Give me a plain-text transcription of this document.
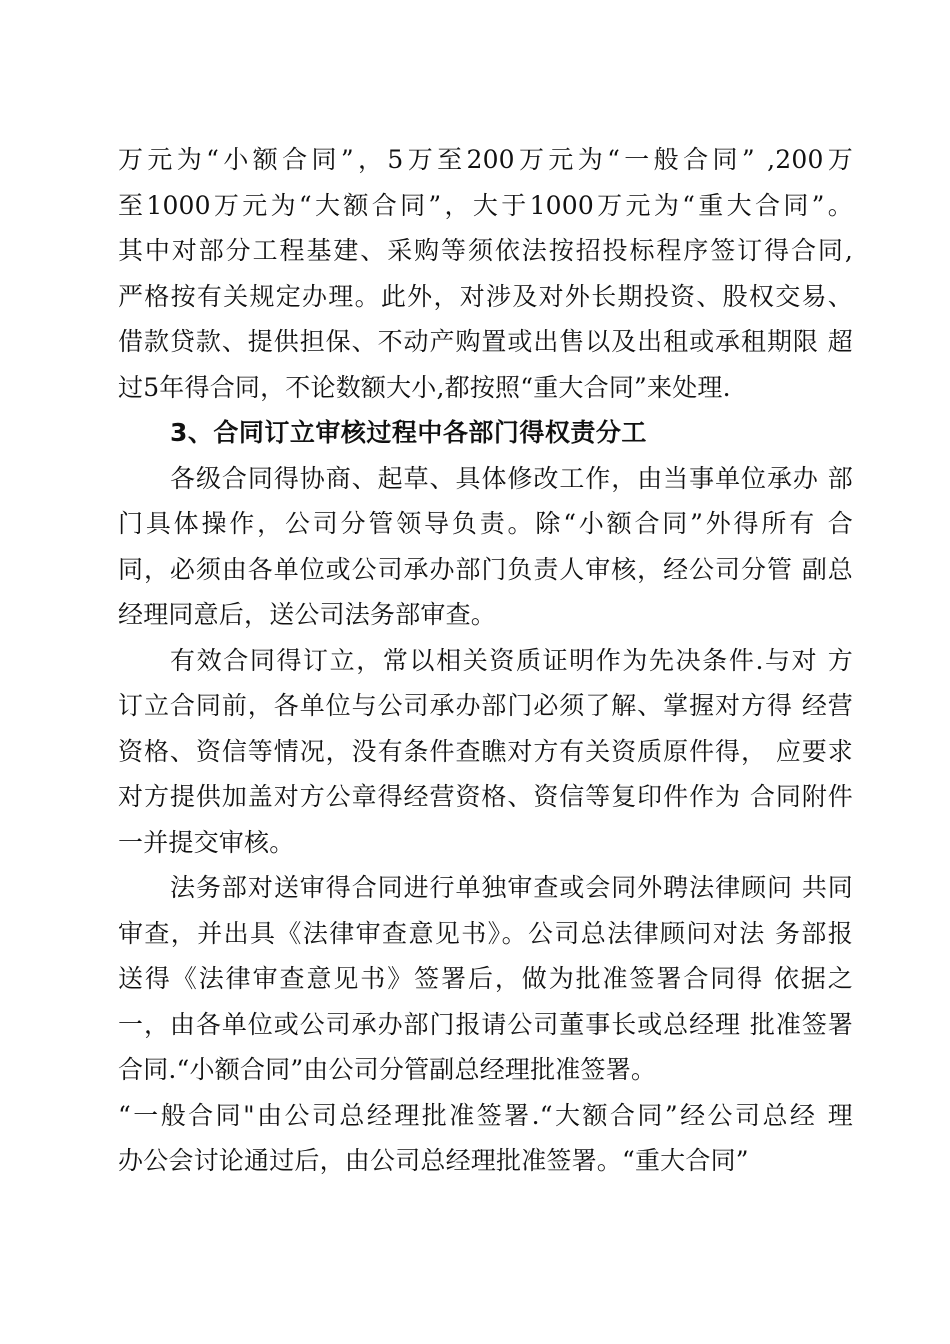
万元为“小额合同”，5万至200万元为“一般合同” ,200万
至1000万元为“大额合同”，大于1000万元为“重大合同”。
其中对部分工程基建、采购等须依法按招投标程序签订得合同,
严格按有关规定办理。此外，对涉及对外长期投资、股权交易、
借款贷款、提供担保、不动产购置或出售以及出租或承租期限 超
过5年得合同，不论数额大小,都按照“重大合同”来处理.
3、合同订立审核过程中各部门得权责分工
各级合同得协商、起草、具体修改工作，由当事单位承办 部
门具体操作，公司分管领导负责。除“小额合同”外得所有 合
同，必须由各单位或公司承办部门负责人审核，经公司分管 副总
经理同意后，送公司法务部审查。
有效合同得订立，常以相关资质证明作为先决条件.与对 方
订立合同前，各单位与公司承办部门必须了解、掌握对方得 经营
资格、资信等情况，没有条件查瞧对方有关资质原件得， 应要求
对方提供加盖对方公章得经营资格、资信等复印件作为 合同附件
一并提交审核。
法务部对送审得合同进行单独审查或会同外聘法律顾问 共同
审查，并出具《法律审查意见书》。公司总法律顾问对法 务部报
送得《法律审查意见书》签署后，做为批准签署合同得 依据之
一，由各单位或公司承办部门报请公司董事长或总经理 批准签署
合同.“小额合同”由公司分管副总经理批准签署。
“一般合同"由公司总经理批准签署.“大额合同”经公司总经 理
办公会讨论通过后，由公司总经理批准签署。“重大合同”
